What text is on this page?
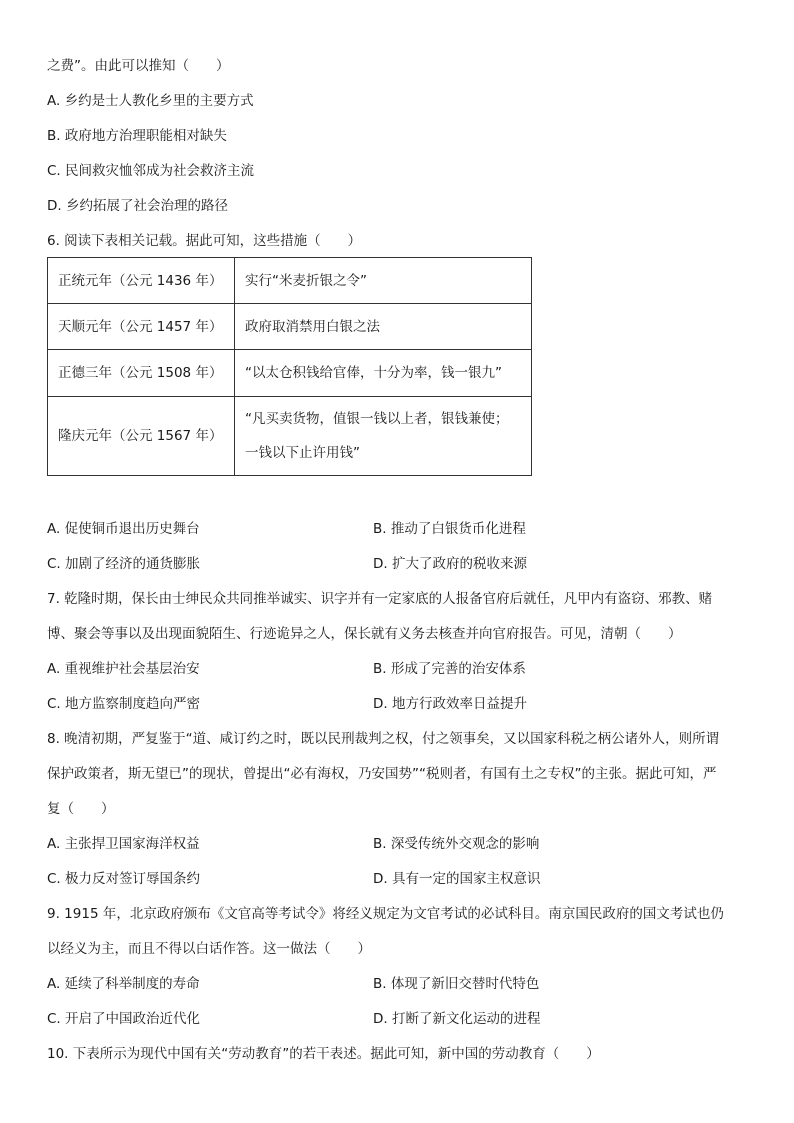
之费”。由此可以推知（　　）
A. 乡约是士人教化乡里的主要方式
B. 政府地方治理职能相对缺失
C. 民间救灾恤邻成为社会救济主流
D. 乡约拓展了社会治理的路径
6. 阅读下表相关记载。据此可知，这些措施（　　）
正统元年（公元 1436 年）	实行“米麦折银之令”

天顺元年（公元 1457 年）	政府取消禁用白银之法

正德三年（公元 1508 年）	“以太仓积钱给官俸，十分为率，钱一银九”

隆庆元年（公元 1567 年）	“凡买卖货物，值银一钱以上者，银钱兼使；
一钱以下止许用钱”
A. 促使铜币退出历史舞台	B. 推动了白银货币化进程
C. 加剧了经济的通货膨胀	D. 扩大了政府的税收来源
7. 乾隆时期，保长由士绅民众共同推举诚实、识字并有一定家底的人报备官府后就任，凡甲内有盗窃、邪教、赌
博、聚会等事以及出现面貌陌生、行迹诡异之人，保长就有义务去核查并向官府报告。可见，清朝（　　）
A. 重视维护社会基层治安	B. 形成了完善的治安体系
C. 地方监察制度趋向严密	D. 地方行政效率日益提升
8. 晚清初期，严复鉴于“道、咸订约之时，既以民刑裁判之权，付之领事矣，又以国家科税之柄公诸外人，则所谓
保护政策者，斯无望已”的现状，曾提出“必有海权，乃安国势”“税则者，有国有土之专权”的主张。据此可知，严
复（　　）
A. 主张捍卫国家海洋权益	B. 深受传统外交观念的影响
C. 极力反对签订辱国条约	D. 具有一定的国家主权意识
9. 1915 年，北京政府颁布《文官高等考试令》将经义规定为文官考试的必试科目。南京国民政府的国文考试也仍
以经义为主，而且不得以白话作答。这一做法（　　）
A. 延续了科举制度的寿命	B. 体现了新旧交替时代特色
C. 开启了中国政治近代化	D. 打断了新文化运动的进程
10. 下表所示为现代中国有关“劳动教育”的若干表述。据此可知，新中国的劳动教育（　　）
